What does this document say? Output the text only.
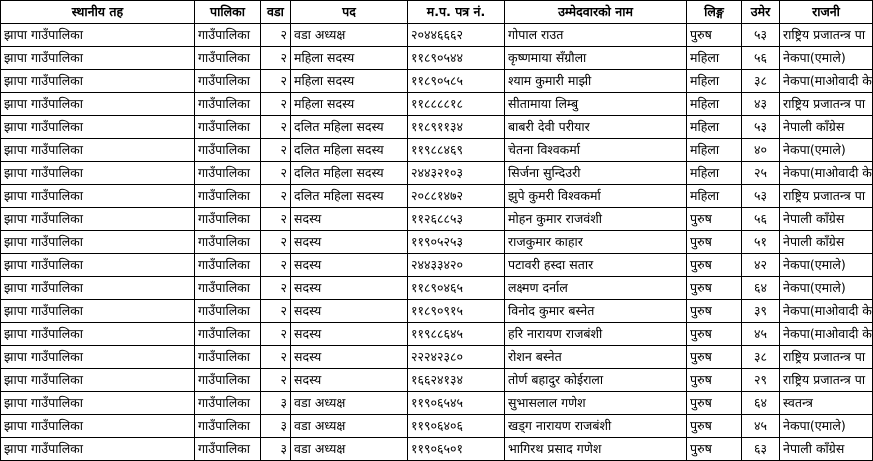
स्थानीय तह	पालिका	वडा	पद	म.प. पत्र नं.	उम्मेदवारको नाम	लिङ्ग	उमेर	राजनी
झापा गाउँपालिका	गाउँपालिका	२	वडा अध्यक्ष	२०४४६६६२	गोपाल राउत	पुरुष	५३	राष्ट्रिय प्रजातन्त्र पा
झापा गाउँपालिका	गाउँपालिका	२	महिला सदस्य	११८९०५४४	कृष्णमाया सँग्रौला	महिला	५६	नेकपा(एमाले)
झापा गाउँपालिका	गाउँपालिका	२	महिला सदस्य	११८९०५८५	श्याम कुमारी माझी	महिला	३८	नेकपा(माओवादी के
झापा गाउँपालिका	गाउँपालिका	२	महिला सदस्य	११८८८८१८	सीतामाया लिम्बु	महिला	४३	राष्ट्रिय प्रजातन्त्र पा
झापा गाउँपालिका	गाउँपालिका	२	दलित महिला सदस्य	११८९११३४	बाबरी देवी परीयार	महिला	५३	नेपाली काँग्रेस
झापा गाउँपालिका	गाउँपालिका	२	दलित महिला सदस्य	११९८८४६९	चेतना विश्वकर्मा	महिला	४०	नेकपा(एमाले)
झापा गाउँपालिका	गाउँपालिका	२	दलित महिला सदस्य	२४४३२१०३	सिर्जना सुन्दिउरी	महिला	२५	नेकपा(माओवादी के
झापा गाउँपालिका	गाउँपालिका	२	दलित महिला सदस्य	२०८८१४७२	झुपे कुमरी विश्वकर्मा	महिला	५३	राष्ट्रिय प्रजातन्त्र पा
झापा गाउँपालिका	गाउँपालिका	२	सदस्य	११२६८८५३	मोहन कुमार राजवंशी	पुरुष	५६	नेपाली काँग्रेस
झापा गाउँपालिका	गाउँपालिका	२	सदस्य	११९०५२५३	राजकुमार काहार	पुरुष	५१	नेपाली काँग्रेस
झापा गाउँपालिका	गाउँपालिका	२	सदस्य	२४४३३४२०	पटावरी हस्दा सतार	पुरुष	४२	नेकपा(एमाले)
झापा गाउँपालिका	गाउँपालिका	२	सदस्य	११८९०४६५	लक्ष्मण दर्नाल	पुरुष	६४	नेकपा(एमाले)
झापा गाउँपालिका	गाउँपालिका	२	सदस्य	११८९०९१५	विनोद कुमार बस्नेत	पुरुष	३९	नेकपा(माओवादी के
झापा गाउँपालिका	गाउँपालिका	२	सदस्य	११९८८६४५	हरि नारायण राजबंशी	पुरुष	४५	नेकपा(माओवादी के
झापा गाउँपालिका	गाउँपालिका	२	सदस्य	२२२४२३८०	रोशन बस्नेत	पुरुष	३८	राष्ट्रिय प्रजातन्त्र पा
झापा गाउँपालिका	गाउँपालिका	२	सदस्य	१६६२४१३४	तोर्ण बहादुर कोईराला	पुरुष	२९	राष्ट्रिय प्रजातन्त्र पा
झापा गाउँपालिका	गाउँपालिका	३	वडा अध्यक्ष	११९०६५४५	सुभासलाल गणेश	पुरुष	६४	स्वतन्त्र
झापा गाउँपालिका	गाउँपालिका	३	वडा अध्यक्ष	११९०६४०६	खड्ग नारायण राजबंशी	पुरुष	४५	नेकपा(एमाले)
झापा गाउँपालिका	गाउँपालिका	३	वडा अध्यक्ष	११९०६५०१	भागिरथ प्रसाद गणेश	पुरुष	६३	नेपाली काँग्रेस
